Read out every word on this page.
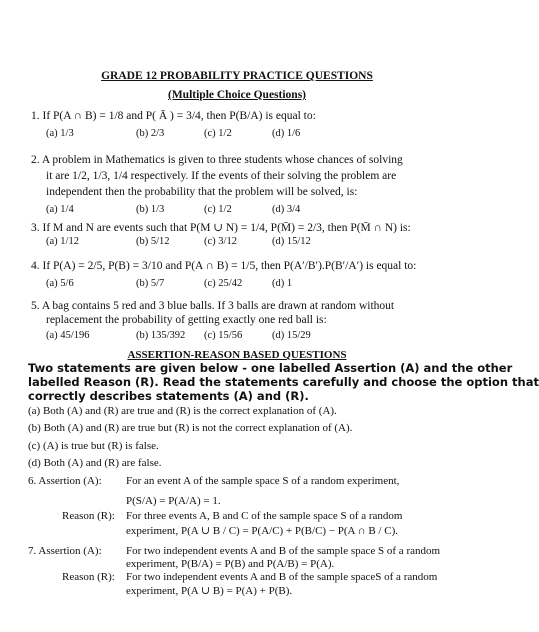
GRADE 12 PROBABILITY PRACTICE QUESTIONS
(Multiple Choice Questions)
1. If P(A ∩ B) = 1/8 and P( Ā ) = 3/4, then P(B/A) is equal to:
(a) 1/3	(b) 2/3	(c) 1/2	(d) 1/6
2. A problem in Mathematics is given to three students whose chances of solving
it are 1/2, 1/3, 1/4 respectively. If the events of their solving the problem are
independent then the probability that the problem will be solved, is:
(a) 1/4	(b) 1/3	(c) 1/2	(d) 3/4
3. If M and N are events such that P(M ∪ N) = 1/4, P(M̄) = 2/3, then P(M̄ ∩ N) is:
(a) 1/12	(b) 5/12	(c) 3/12	(d) 15/12
4. If P(A) = 2/5, P(B) = 3/10 and P(A ∩ B) = 1/5, then P(A′/B′).P(B′/A′) is equal to:
(a) 5/6	(b) 5/7	(c) 25/42	(d) 1
5. A bag contains 5 red and 3 blue balls. If 3 balls are drawn at random without
replacement the probability of getting exactly one red ball is:
(a) 45/196	(b) 135/392 (c) 15/56	(d) 15/29
ASSERTION-REASON BASED QUESTIONS
Two statements are given below - one labelled Assertion (A) and the other
labelled Reason (R). Read the statements carefully and choose the option that
correctly describes statements (A) and (R).
(a) Both (A) and (R) are true and (R) is the correct explanation of (A).
(b) Both (A) and (R) are true but (R) is not the correct explanation of (A).
(c) (A) is true but (R) is false.
(d) Both (A) and (R) are false.
6. Assertion (A): For an event A of the sample space S of a random experiment,
P(S/A) = P(A/A) = 1.
Reason (R): For three events A, B and C of the sample space S of a random
experiment, P(A ∪ B / C) = P(A/C) + P(B/C) − P(A ∩ B / C).
7. Assertion (A): For two independent events A and B of the sample space S of a random
experiment, P(B/A) = P(B) and P(A/B) = P(A).
Reason (R): For two independent events A and B of the sample spaceS of a random
experiment, P(A ∪ B) = P(A) + P(B).
